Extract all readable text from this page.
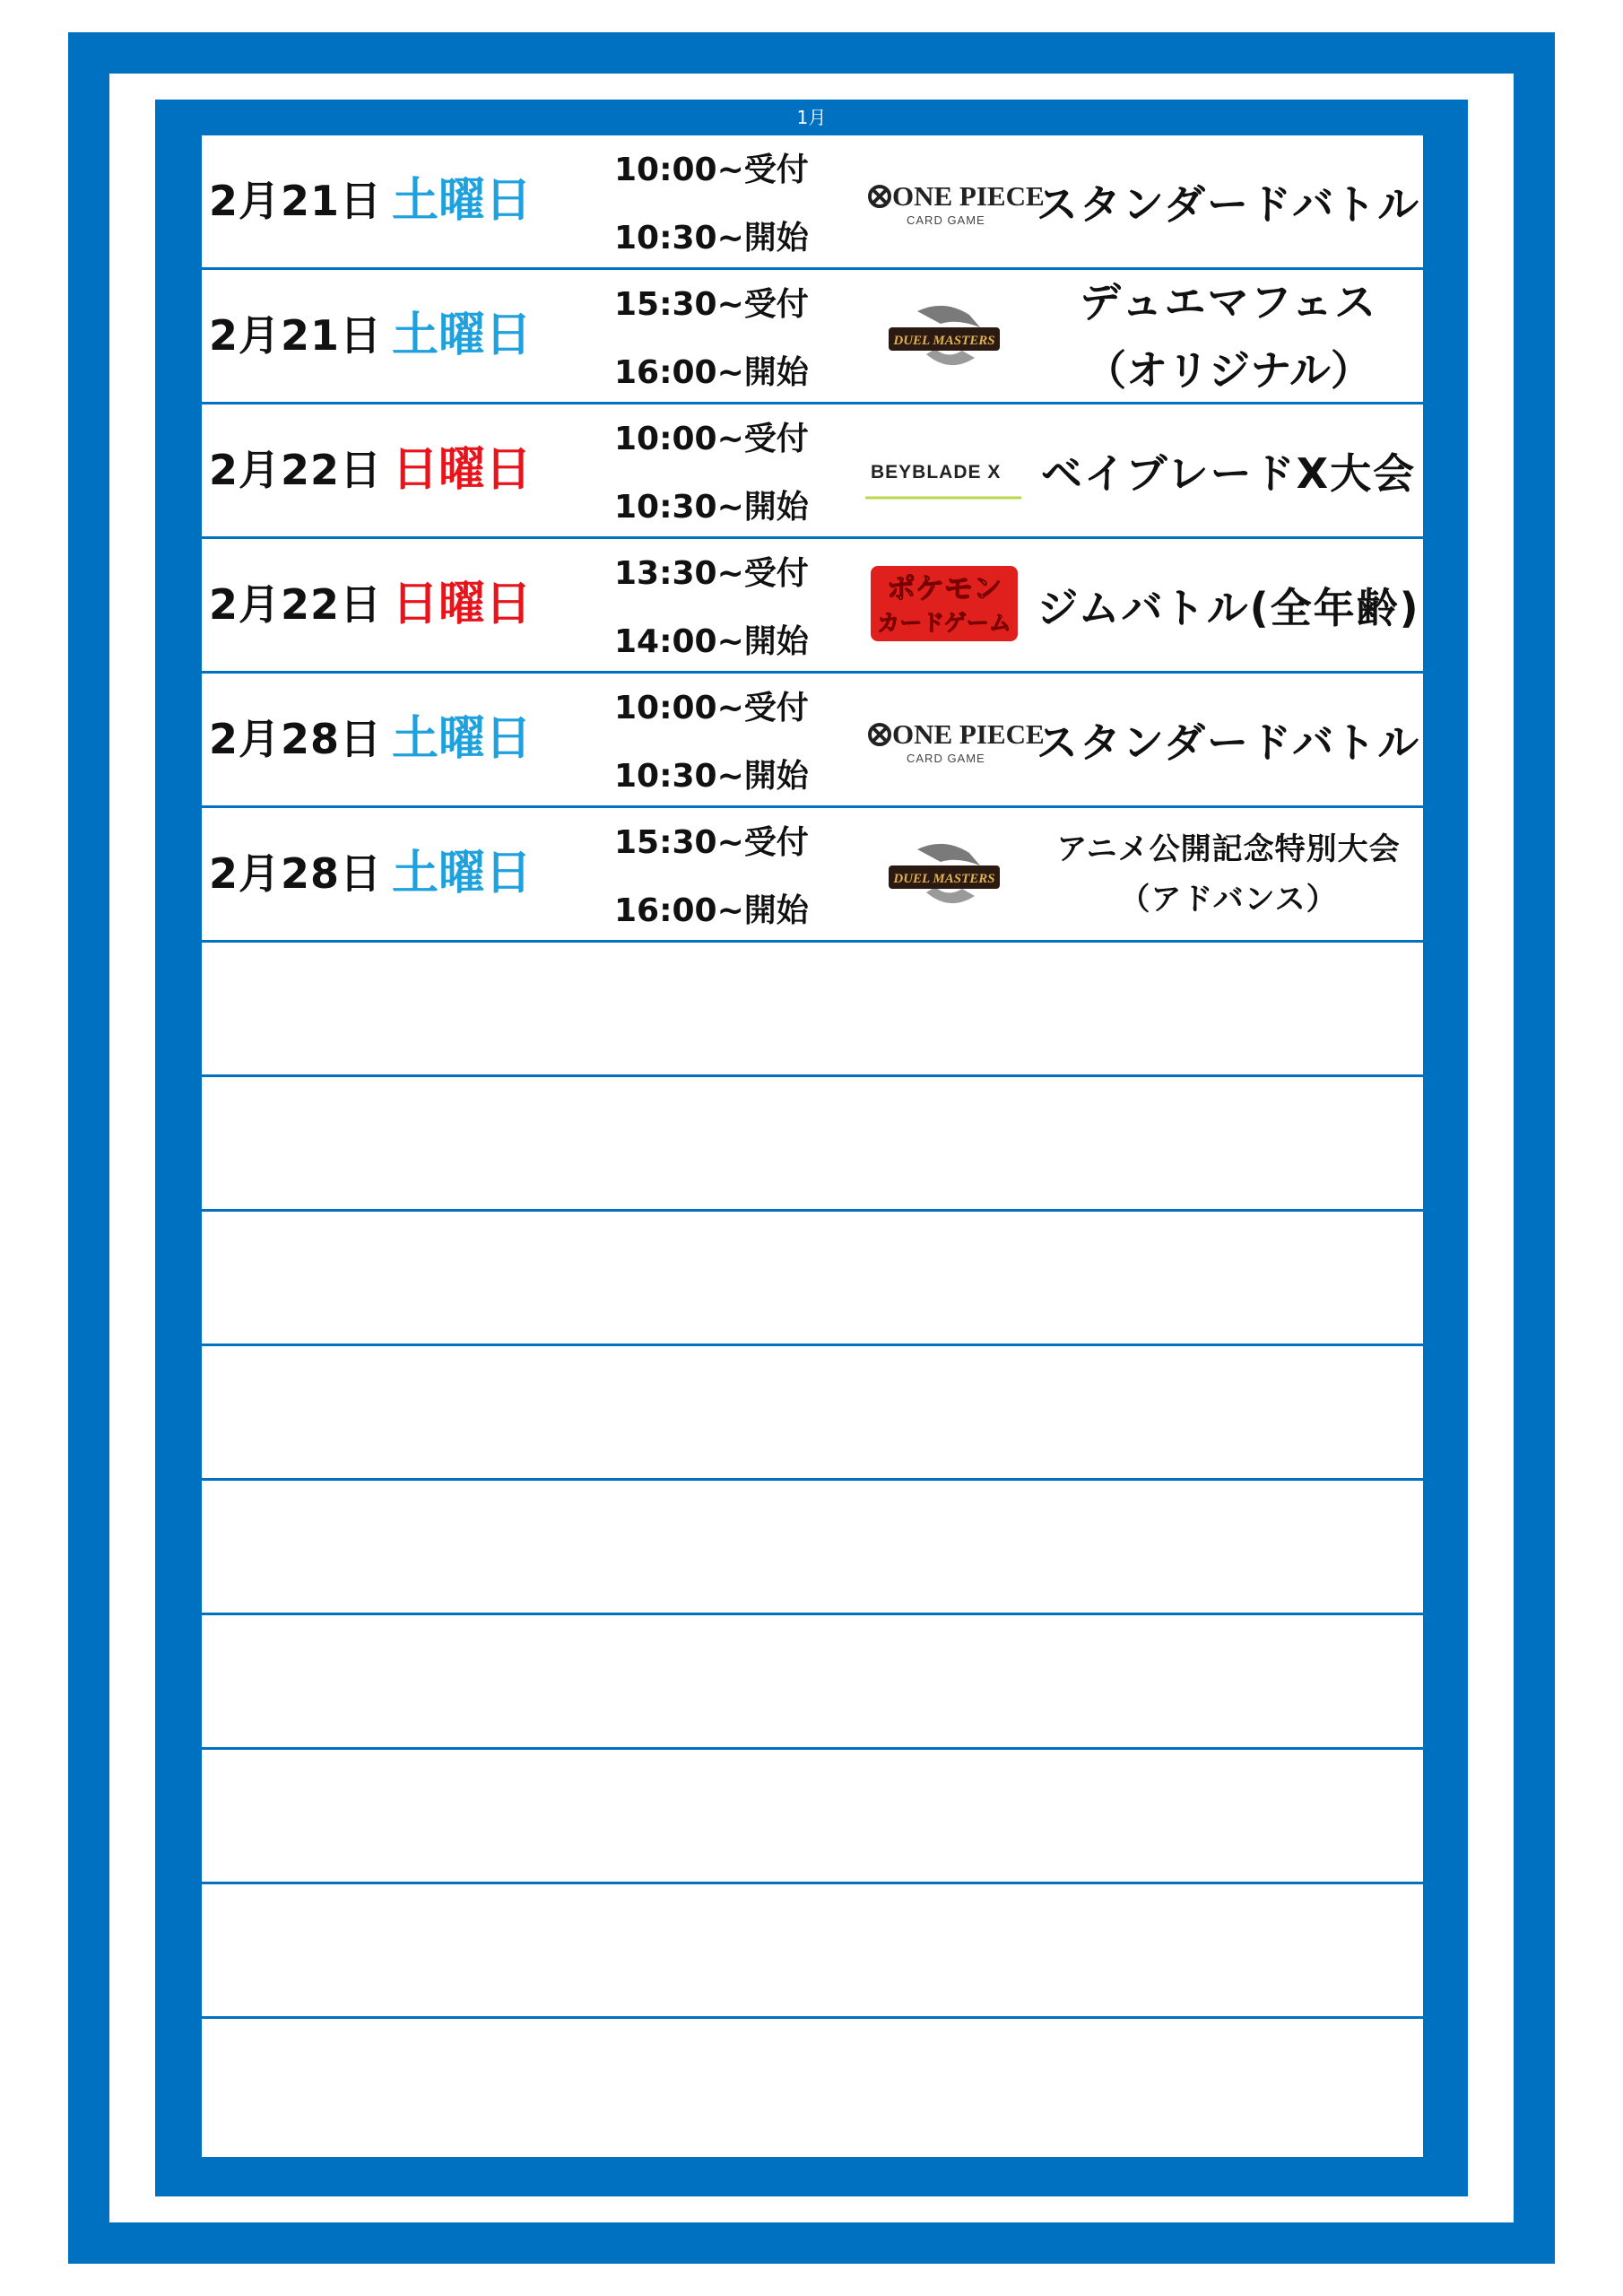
1月
2月21日 土曜日
10:00~受付
10:30~開始
ONE PIECE
CARD GAME スタンダードバトル
2月21日 土曜日
15:30~受付
16:00~開始
DUEL MASTERS
デュエマフェス
（オリジナル）
2月22日 日曜日
10:00~受付
10:30~開始
BEYBLADE X ベイブレードX大会
2月22日 日曜日
13:30~受付
14:00~開始
ポケモン
カードゲーム ジムバトル(全年齢)
2月28日 土曜日
10:00~受付
10:30~開始
ONE PIECE
CARD GAME スタンダードバトル
2月28日 土曜日
15:30~受付
16:00~開始
DUEL MASTERS
アニメ公開記念特別大会
（アドバンス）
